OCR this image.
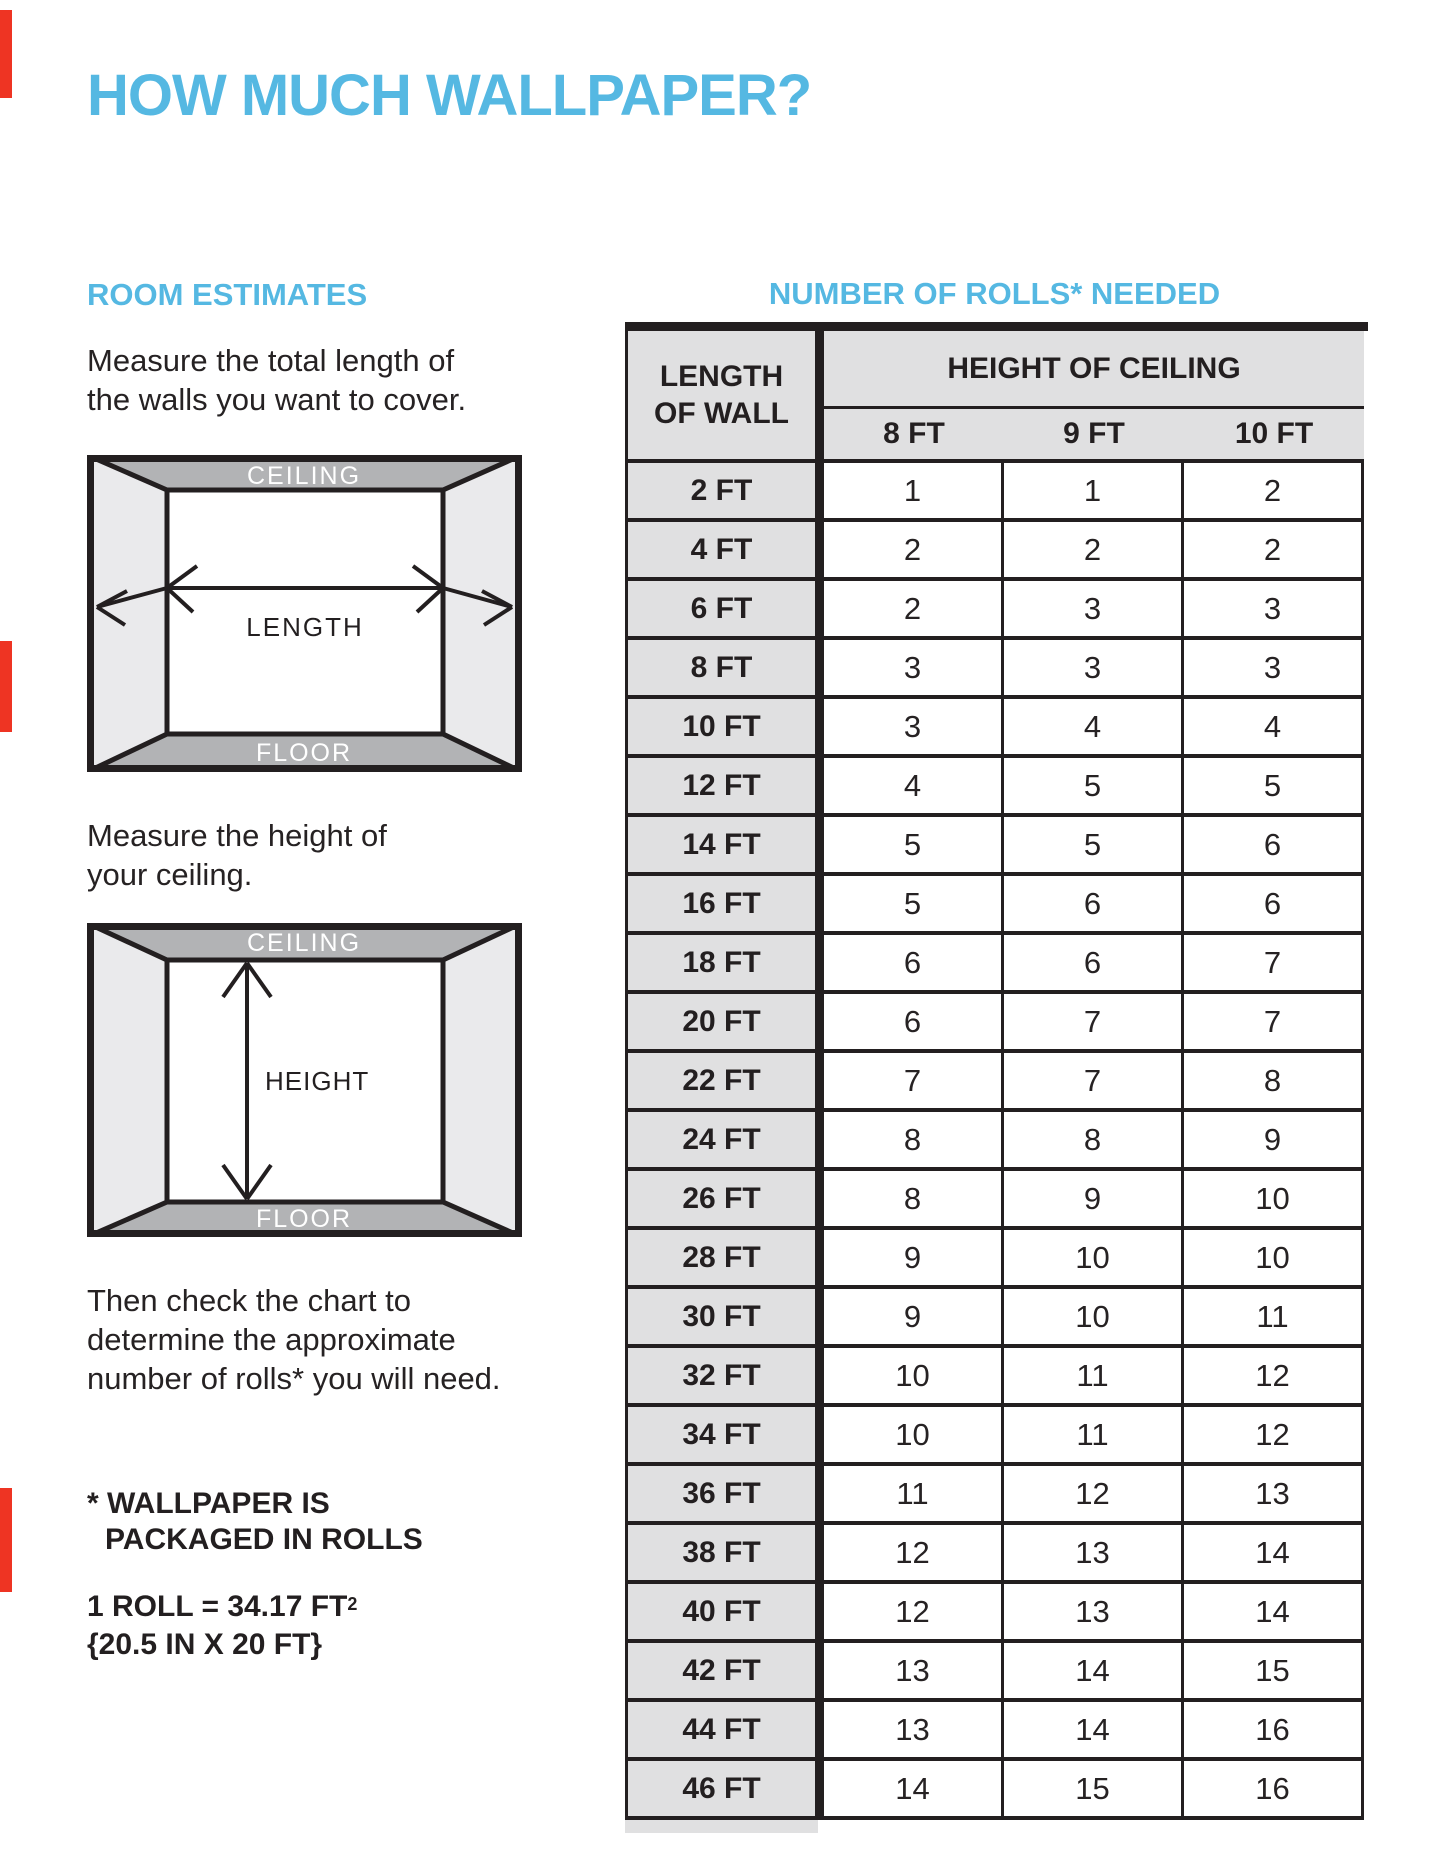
HOW MUCH WALLPAPER?
ROOM ESTIMATES
Measure the total length of
the walls you want to cover.
CEILING
FLOOR
LENGTH
Measure the height of
your ceiling.
CEILING
FLOOR
HEIGHT
Then check the chart to
determine the approximate
number of rolls* you will need.
* WALLPAPER IS
PACKAGED IN ROLLS
1 ROLL = 34.17 $FT^2$
{20.5 IN X 20 FT}
NUMBER OF ROLLS* NEEDED
LENGTH
OF WALL
HEIGHT OF CEILING
8 FT	9 FT	10 FT
2 FT	1	1	2
4 FT	2	2	2
6 FT	2	3	3
8 FT	3	3	3
10 FT	3	4	4
12 FT	4	5	5
14 FT	5	5	6
16 FT	5	6	6
18 FT	6	6	7
20 FT	6	7	7
22 FT	7	7	8
24 FT	8	8	9
26 FT	8	9	10
28 FT	9	10	10
30 FT	9	10	11
32 FT	10	11	12
34 FT	10	11	12
36 FT	11	12	13
38 FT	12	13	14
40 FT	12	13	14
42 FT	13	14	15
44 FT	13	14	16
46 FT	14	15	16
